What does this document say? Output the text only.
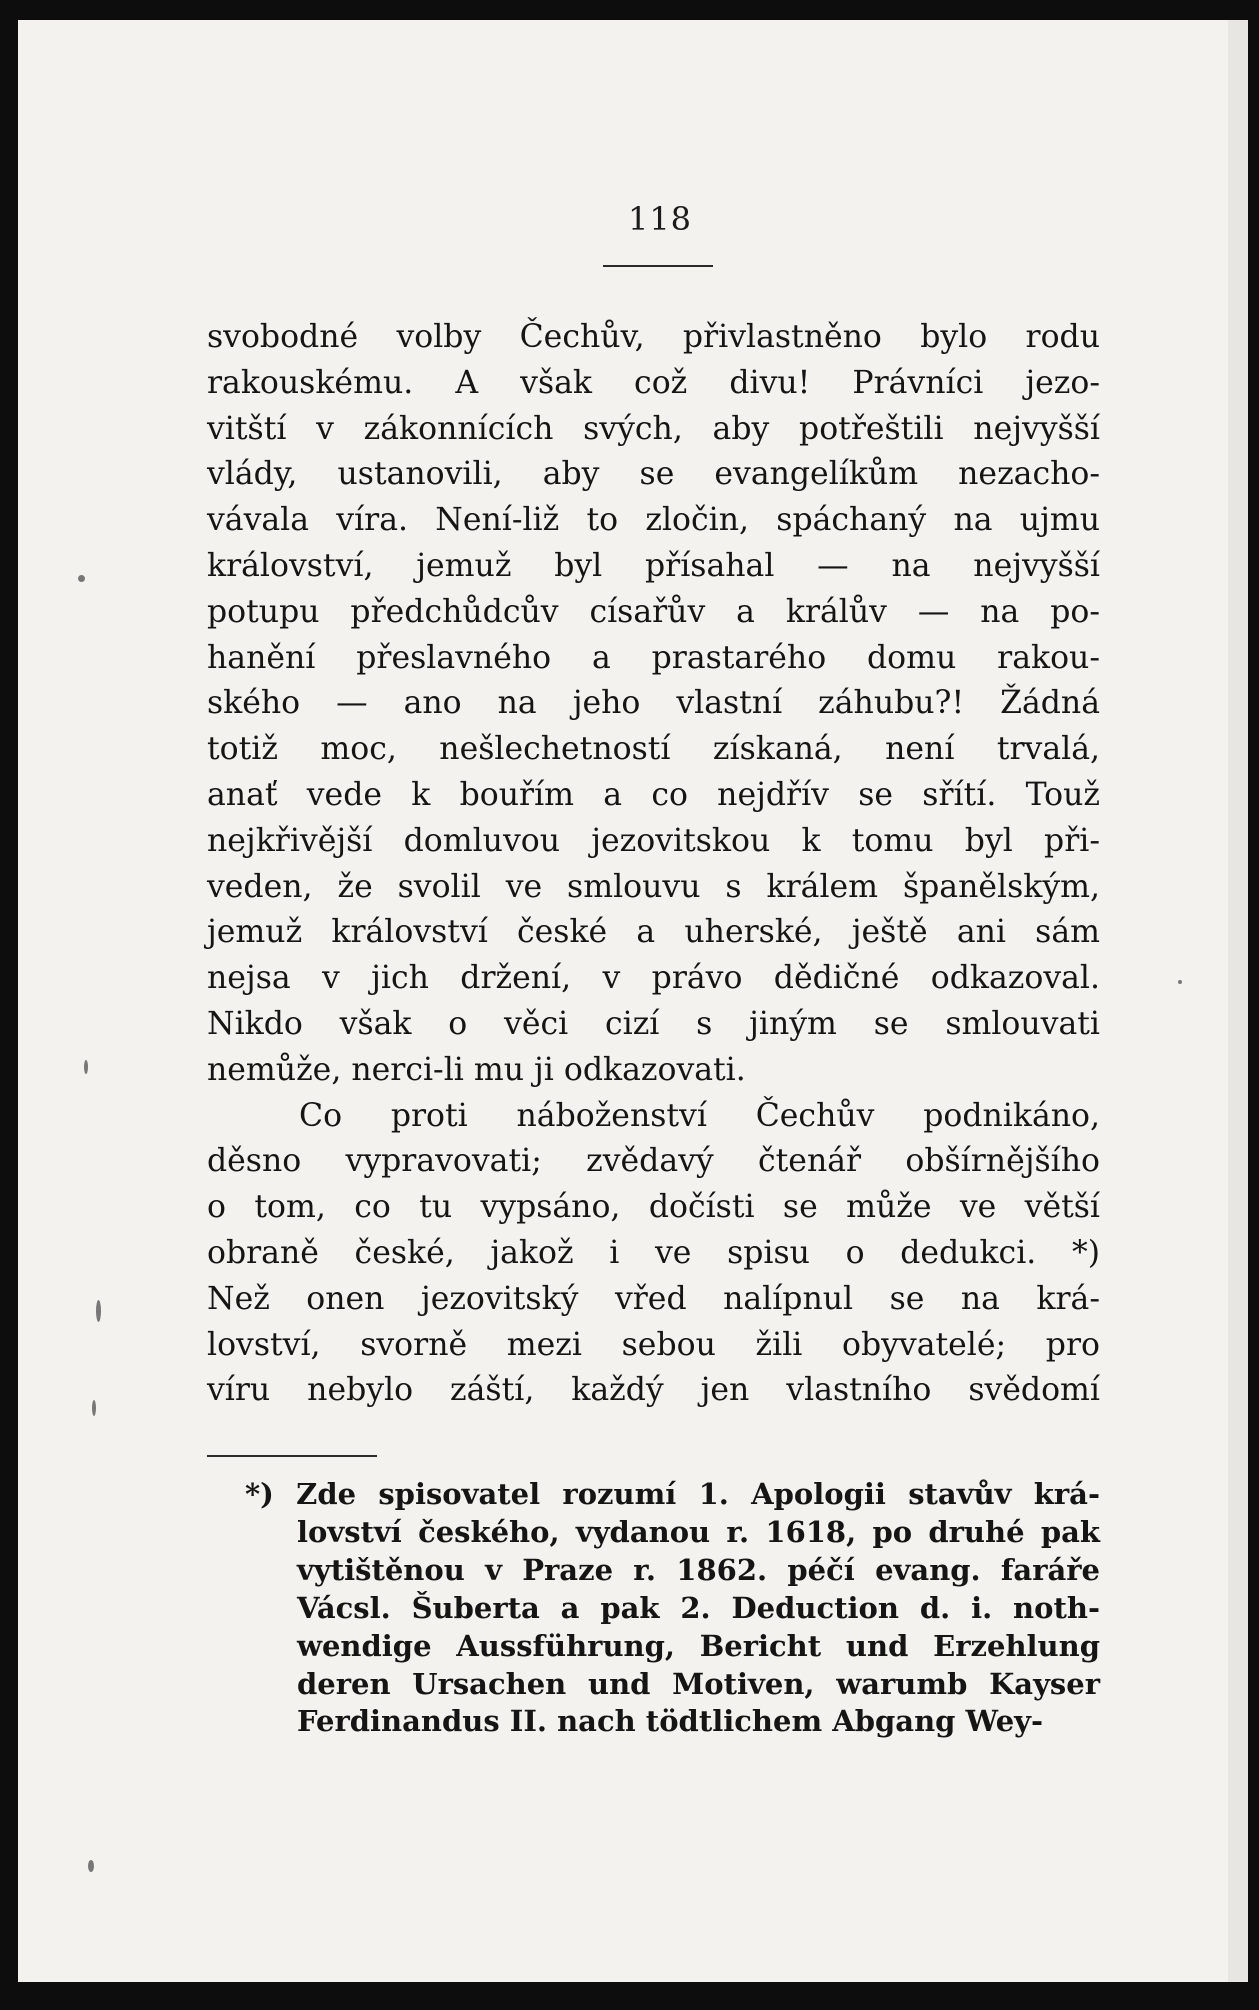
118
svobodné volby Čechův, přivlastněno bylo rodu
rakouskému. A však což divu! Právníci jezo-
vitští v zákonnících svých, aby potřeštili nejvyšší
vlády, ustanovili, aby se evangelíkům nezacho-
vávala víra. Není-liž to zločin, spáchaný na ujmu
království, jemuž byl přísahal — na nejvyšší
potupu předchůdcův císařův a králův — na po-
hanění přeslavného a prastarého domu rakou-
ského — ano na jeho vlastní záhubu?! Žádná
totiž moc, nešlechetností získaná, není trvalá,
anať vede k bouřím a co nejdřív se sřítí. Touž
nejkřivější domluvou jezovitskou k tomu byl při-
veden, že svolil ve smlouvu s králem španělským,
jemuž království české a uherské, ještě ani sám
nejsa v jich držení, v právo dědičné odkazoval.
Nikdo však o věci cizí s jiným se smlouvati
nemůže, nerci-li mu ji odkazovati.
Co proti náboženství Čechův podnikáno,
děsno vypravovati; zvědavý čtenář obšírnějšího
o tom, co tu vypsáno, dočísti se může ve větší
obraně české, jakož i ve spisu o dedukci. *)
Než onen jezovitský vřed nalípnul se na krá-
lovství, svorně mezi sebou žili obyvatelé; pro
víru nebylo záští, každý jen vlastního svědomí
*) Zde spisovatel rozumí 1. Apologii stavův krá-
lovství českého, vydanou r. 1618, po druhé pak
vytištěnou v Praze r. 1862. péčí evang. faráře
Vácsl. Šuberta a pak 2. Deduction d. i. noth-
wendige Aussführung, Bericht und Erzehlung
deren Ursachen und Motiven, warumb Kayser
Ferdinandus II. nach tödtlichem Abgang Wey-
